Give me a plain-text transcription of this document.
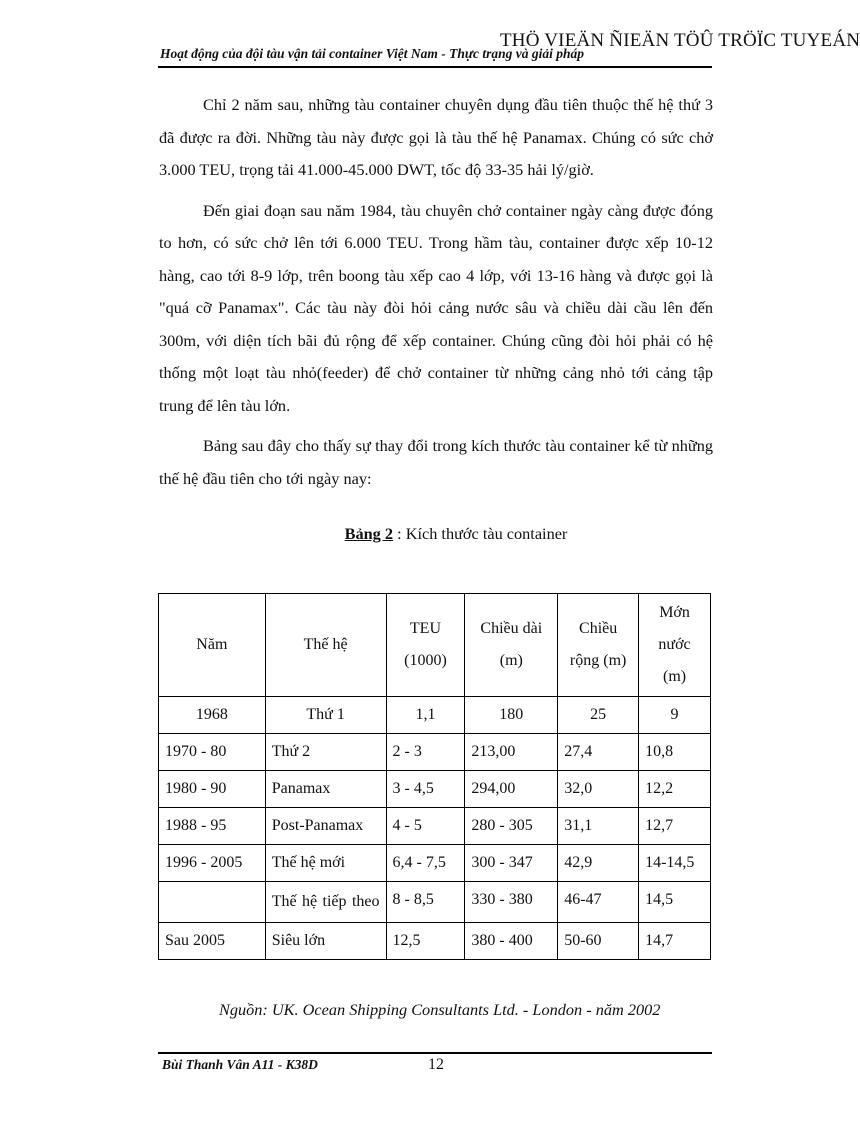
THÖ VIEÄN ÑIEÄN TÖÛ TRÖÏC TUYEÁN
Hoạt động của đội tàu vận tải container Việt Nam - Thực trạng và giải pháp

Chỉ 2 năm sau, những tàu container chuyên dụng đầu tiên thuộc thế hệ thứ 3 đã được ra đời. Những tàu này được gọi là tàu thế hệ Panamax. Chúng có sức chở 3.000 TEU, trọng tải 41.000-45.000 DWT, tốc độ 33-35 hải lý/giờ.

Đến giai đoạn sau năm 1984, tàu chuyên chở container ngày càng được đóng to hơn, có sức chở lên tới 6.000 TEU. Trong hầm tàu, container được xếp 10-12 hàng, cao tới 8-9 lớp, trên boong tàu xếp cao 4 lớp, với 13-16 hàng và được gọi là "quá cỡ Panamax". Các tàu này đòi hỏi cảng nước sâu và chiều dài cầu lên đến 300m, với diện tích bãi đủ rộng để xếp container. Chúng cũng đòi hỏi phải có hệ thống một loạt tàu nhỏ(feeder) để chở container từ những cảng nhỏ tới cảng tập trung để lên tàu lớn.

Bảng sau đây cho thấy sự thay đổi trong kích thước tàu container kể từ những thế hệ đầu tiên cho tới ngày nay:

Bảng 2 : Kích thước tàu container
Năm	Thế hệ	TEU (1000)	Chiều dài (m)	Chiều rộng (m)	Mớn nước (m)
1968	Thứ 1	1,1	180	25	9
1970 - 80	Thứ 2	2 - 3	213,00	27,4	10,8
1980 - 90	Panamax	3 - 4,5	294,00	32,0	12,2
1988 - 95	Post-Panamax	4 - 5	280 - 305	31,1	12,7
1996 - 2005	Thế hệ mới	6,4 - 7,5	300 - 347	42,9	14-14,5
	Thế hệ tiếp theo	8 - 8,5	330 - 380	46-47	14,5
Sau 2005	Siêu lớn	12,5	380 - 400	50-60	14,7
Nguồn: UK. Ocean Shipping Consultants Ltd. - London - năm 2002
Bùi Thanh Vân A11 - K38D	12
